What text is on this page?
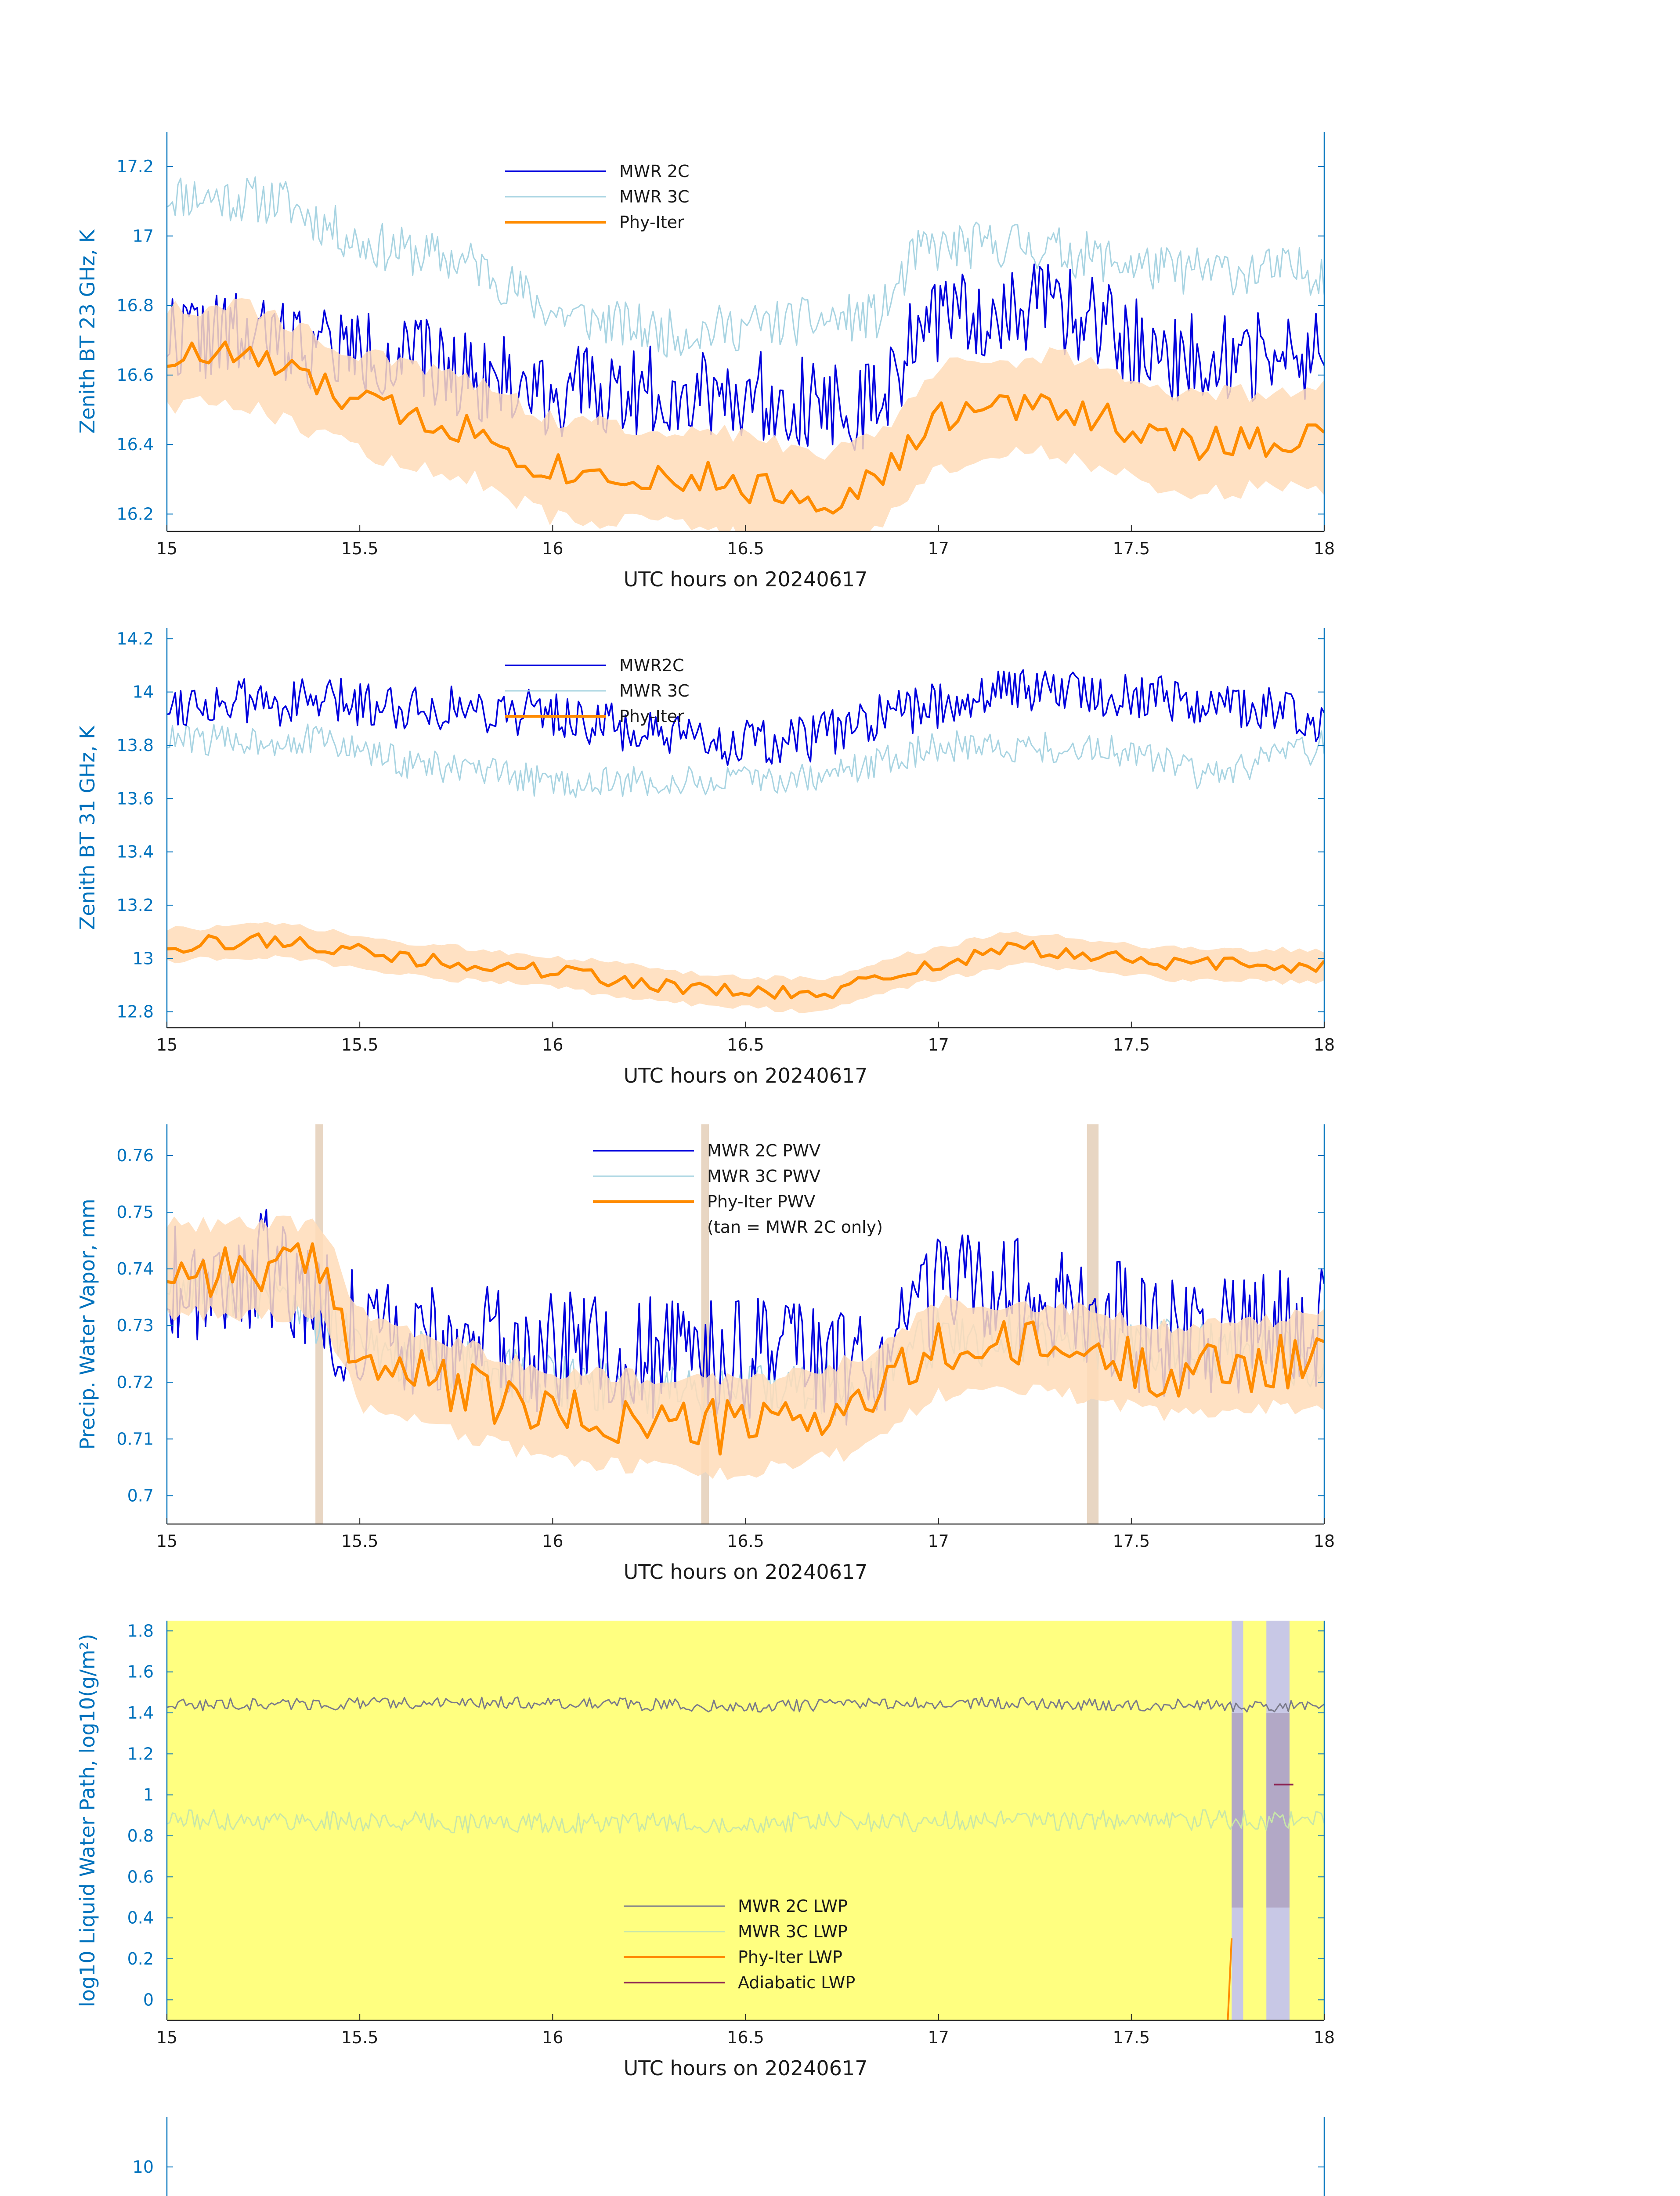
15	15.5	16	16.5	17	17.5	18
16.2
16.4
16.6
16.8
17
17.2
UTC hours on 20240617
Zenith BT 23 GHz, K
MWR 2C
MWR 3C
Phy-Iter
15	15.5	16	16.5	17	17.5	18
12.8
13
13.2
13.4
13.6
13.8
14
14.2
UTC hours on 20240617
Zenith BT 31 GHz, K
MWR2C
MWR 3C
Phy-Iter
15	15.5	16	16.5	17	17.5	18
0.7
0.71
0.72
0.73
0.74
0.75
0.76
UTC hours on 20240617
Precip. Water Vapor, mm
MWR 2C PWV
MWR 3C PWV
Phy-Iter PWV
(tan = MWR 2C only)
15	15.5	16	16.5	17	17.5	18
0
0.2
0.4
0.6
0.8
1
1.2
1.4
1.6
1.8
UTC hours on 20240617
log10 Liquid Water Path, log10(g/m²)	MWR 2C LWP
MWR 3C LWP
Phy-Iter LWP
Adiabatic LWP
10
